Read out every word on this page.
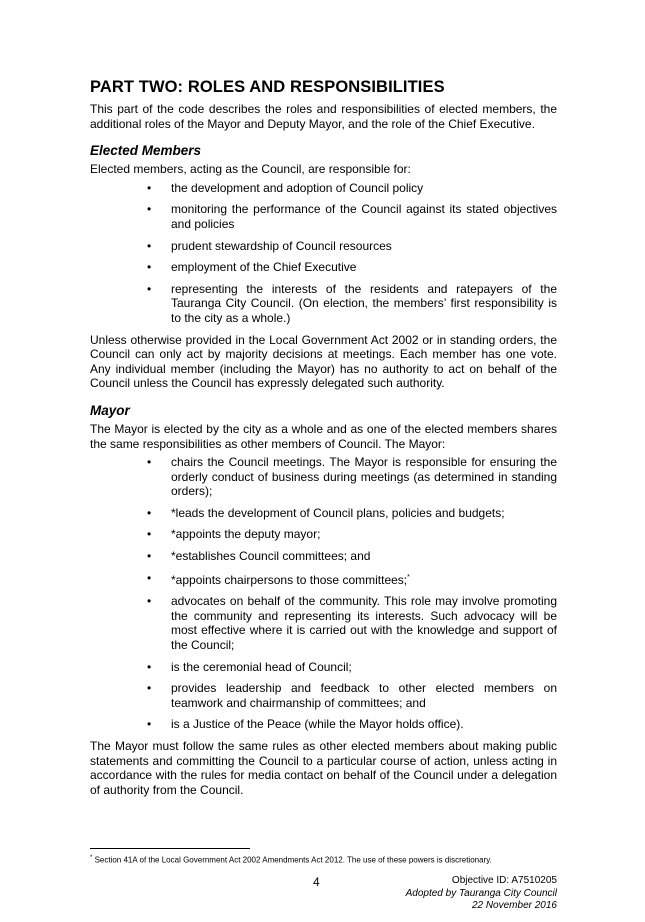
PART TWO: ROLES AND RESPONSIBILITIES

This part of the code describes the roles and responsibilities of elected members, the additional roles of the Mayor and Deputy Mayor, and the role of the Chief Executive.

Elected Members

Elected members, acting as the Council, are responsible for:

• the development and adoption of Council policy
• monitoring the performance of the Council against its stated objectives and policies
• prudent stewardship of Council resources
• employment of the Chief Executive
• representing the interests of the residents and ratepayers of the Tauranga City Council. (On election, the members’ first responsibility is to the city as a whole.)

Unless otherwise provided in the Local Government Act 2002 or in standing orders, the Council can only act by majority decisions at meetings. Each member has one vote. Any individual member (including the Mayor) has no authority to act on behalf of the Council unless the Council has expressly delegated such authority.

Mayor

The Mayor is elected by the city as a whole and as one of the elected members shares the same responsibilities as other members of Council. The Mayor:

• chairs the Council meetings. The Mayor is responsible for ensuring the orderly conduct of business during meetings (as determined in standing orders);
• *leads the development of Council plans, policies and budgets;
• *appoints the deputy mayor;
• *establishes Council committees; and
• *appoints chairpersons to those committees;*
• advocates on behalf of the community. This role may involve promoting the community and representing its interests. Such advocacy will be most effective where it is carried out with the knowledge and support of the Council;
• is the ceremonial head of Council;
• provides leadership and feedback to other elected members on teamwork and chairmanship of committees; and
• is a Justice of the Peace (while the Mayor holds office).

The Mayor must follow the same rules as other elected members about making public statements and committing the Council to a particular course of action, unless acting in accordance with the rules for media contact on behalf of the Council under a delegation of authority from the Council.

* Section 41A of the Local Government Act 2002 Amendments Act 2012. The use of these powers is discretionary.
4	Objective ID: A7510205
Adopted by Tauranga City Council
22 November 2016
